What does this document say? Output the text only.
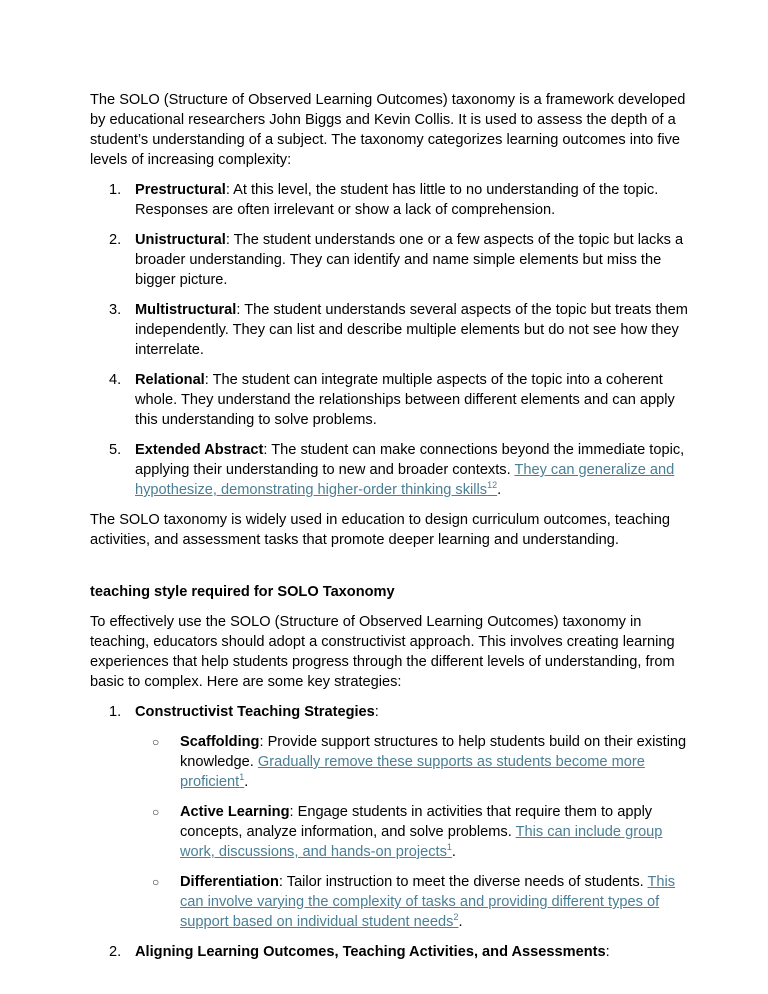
The SOLO (Structure of Observed Learning Outcomes) taxonomy is a framework developed by educational researchers John Biggs and Kevin Collis. It is used to assess the depth of a student’s understanding of a subject. The taxonomy categorizes learning outcomes into five levels of increasing complexity:

1. Prestructural: At this level, the student has little to no understanding of the topic. Responses are often irrelevant or show a lack of comprehension.
2. Unistructural: The student understands one or a few aspects of the topic but lacks a broader understanding. They can identify and name simple elements but miss the bigger picture.
3. Multistructural: The student understands several aspects of the topic but treats them independently. They can list and describe multiple elements but do not see how they interrelate.
4. Relational: The student can integrate multiple aspects of the topic into a coherent whole. They understand the relationships between different elements and can apply this understanding to solve problems.
5. Extended Abstract: The student can make connections beyond the immediate topic, applying their understanding to new and broader contexts. They can generalize and hypothesize, demonstrating higher-order thinking skills$^{12}$.

The SOLO taxonomy is widely used in education to design curriculum outcomes, teaching activities, and assessment tasks that promote deeper learning and understanding.

teaching style required for SOLO Taxonomy

To effectively use the SOLO (Structure of Observed Learning Outcomes) taxonomy in teaching, educators should adopt a constructivist approach. This involves creating learning experiences that help students progress through the different levels of understanding, from basic to complex. Here are some key strategies:

1. Constructivist Teaching Strategies:
○ Scaffolding: Provide support structures to help students build on their existing knowledge. Gradually remove these supports as students become more proficient$^1$.
○ Active Learning: Engage students in activities that require them to apply concepts, analyze information, and solve problems. This can include group work, discussions, and hands-on projects$^1$.
○ Differentiation: Tailor instruction to meet the diverse needs of students. This can involve varying the complexity of tasks and providing different types of support based on individual student needs$^2$.
2. Aligning Learning Outcomes, Teaching Activities, and Assessments:
